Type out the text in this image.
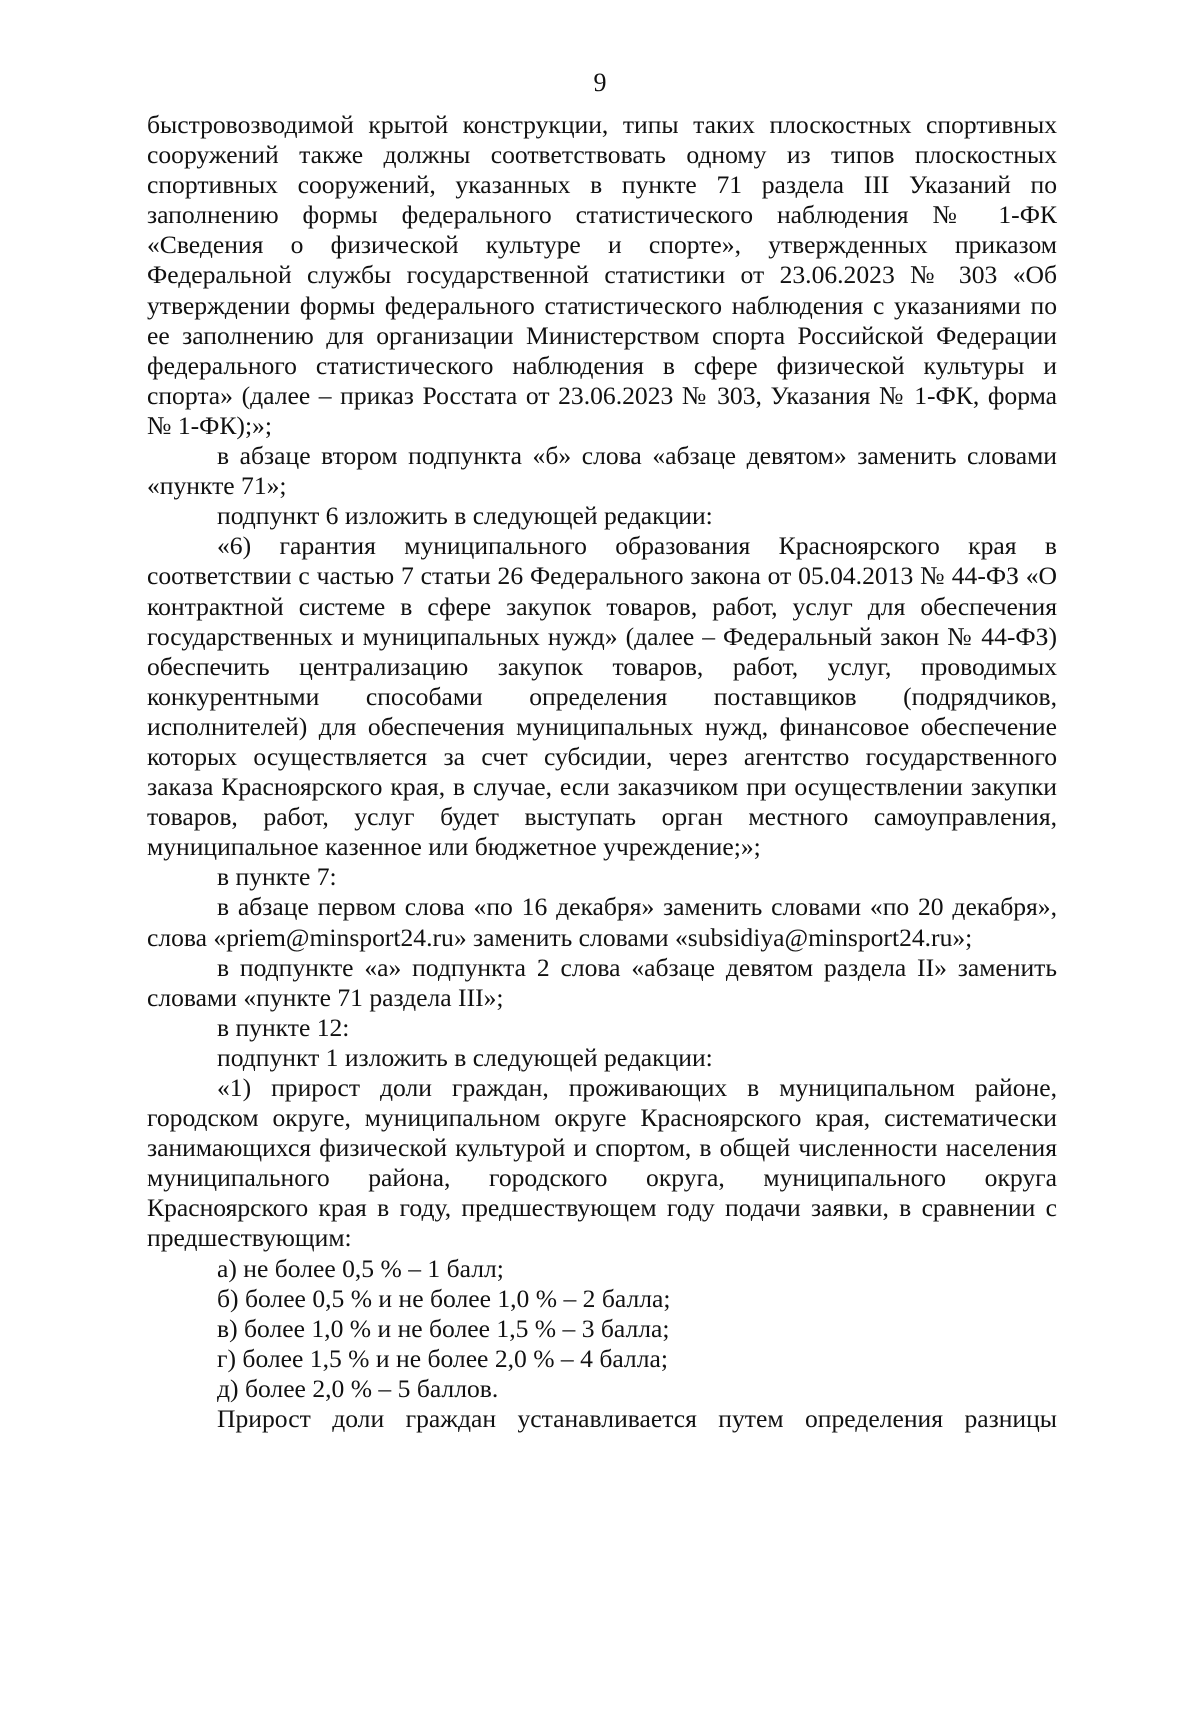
9

быстровозводимой крытой конструкции, типы таких плоскостных спортивных сооружений также должны соответствовать одному из типов плоскостных спортивных сооружений, указанных в пункте 71 раздела III Указаний по заполнению формы федерального статистического наблюдения № 1-ФК «Сведения о физической культуре и спорте», утвержденных приказом Федеральной службы государственной статистики от 23.06.2023 № 303 «Об утверждении формы федерального статистического наблюдения с указаниями по ее заполнению для организации Министерством спорта Российской Федерации федерального статистического наблюдения в сфере физической культуры и спорта» (далее – приказ Росстата от 23.06.2023 № 303, Указания № 1-ФК, форма № 1-ФК);»;

в абзаце втором подпункта «б» слова «абзаце девятом» заменить словами «пункте 71»;

подпункт 6 изложить в следующей редакции:

«6) гарантия муниципального образования Красноярского края в соответствии с частью 7 статьи 26 Федерального закона от 05.04.2013 № 44-ФЗ «О контрактной системе в сфере закупок товаров, работ, услуг для обеспечения государственных и муниципальных нужд» (далее – Федеральный закон № 44-ФЗ) обеспечить централизацию закупок товаров, работ, услуг, проводимых конкурентными способами определения поставщиков (подрядчиков, исполнителей) для обеспечения муниципальных нужд, финансовое обеспечение которых осуществляется за счет субсидии, через агентство государственного заказа Красноярского края, в случае, если заказчиком при осуществлении закупки товаров, работ, услуг будет выступать орган местного самоуправления, муниципальное казенное или бюджетное учреждение;»;

в пункте 7:

в абзаце первом слова «по 16 декабря» заменить словами «по 20 декабря», слова «priem@minsport24.ru» заменить словами «subsidiya@minsport24.ru»;

в подпункте «а» подпункта 2 слова «абзаце девятом раздела II» заменить словами «пункте 71 раздела III»;

в пункте 12:

подпункт 1 изложить в следующей редакции:

«1) прирост доли граждан, проживающих в муниципальном районе, городском округе, муниципальном округе Красноярского края, систематически занимающихся физической культурой и спортом, в общей численности населения муниципального района, городского округа, муниципального округа Красноярского края в году, предшествующем году подачи заявки, в сравнении с предшествующим:

а) не более 0,5 % – 1 балл;

б) более 0,5 % и не более 1,0 % – 2 балла;

в) более 1,0 % и не более 1,5 % – 3 балла;

г) более 1,5 % и не более 2,0 % – 4 балла;

д) более 2,0 % – 5 баллов.

Прирост доли граждан устанавливается путем определения разницы
